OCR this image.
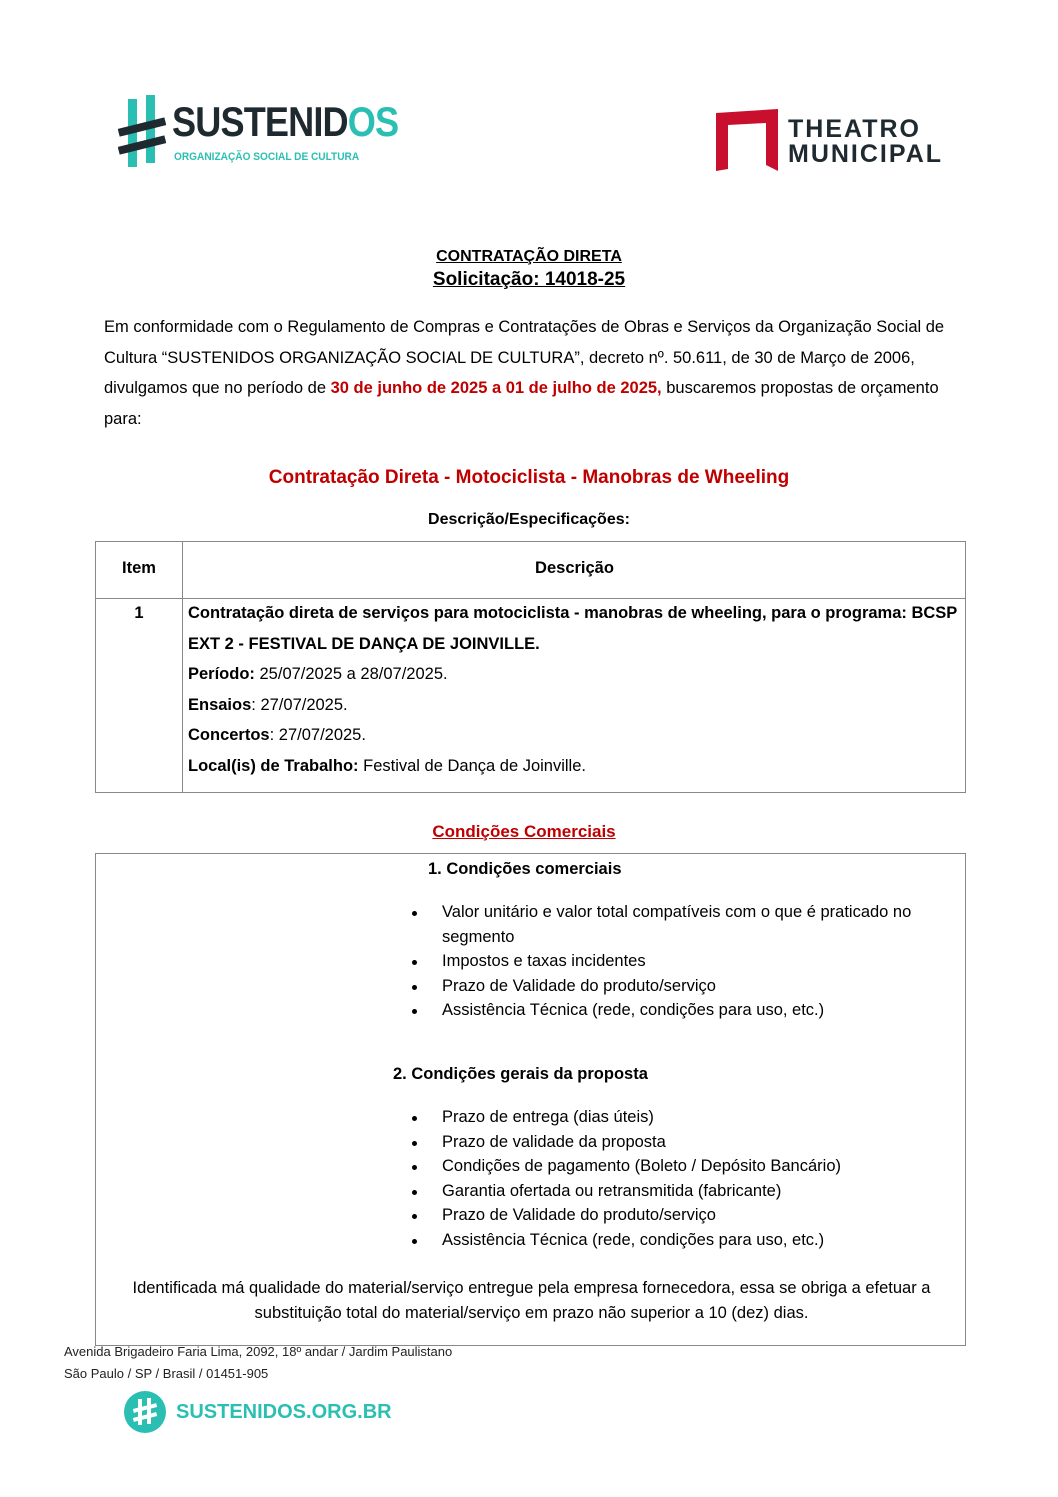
SUSTENIDOS
ORGANIZAÇÃO SOCIAL DE CULTURA
THEATRO
MUNICIPAL
CONTRATAÇÃO DIRETA
Solicitação: 14018-25
Em conformidade com o Regulamento de Compras e Contratações de Obras e Serviços da Organização Social de Cultura “SUSTENIDOS ORGANIZAÇÃO SOCIAL DE CULTURA”, decreto nº. 50.611, de 30 de Março de 2006, divulgamos que no período de 30 de junho de 2025 a 01 de julho de 2025, buscaremos propostas de orçamento para:
Contratação Direta - Motociclista - Manobras de Wheeling
Descrição/Especificações:
Item	Descrição
1	Contratação direta de serviços para motociclista - manobras de wheeling, para o programa: BCSP EXT 2 - FESTIVAL DE DANÇA DE JOINVILLE.

Período: 25/07/2025 a 28/07/2025.

Ensaios: 27/07/2025.

Concertos: 27/07/2025.

Local(is) de Trabalho: Festival de Dança de Joinville.

Condições Comerciais
1. Condições comerciais
Valor unitário e valor total compatíveis com o que é praticado no segmento
Impostos e taxas incidentes
Prazo de Validade do produto/serviço
Assistência Técnica (rede, condições para uso, etc.)
2. Condições gerais da proposta
Prazo de entrega (dias úteis)
Prazo de validade da proposta
Condições de pagamento (Boleto / Depósito Bancário)
Garantia ofertada ou retransmitida (fabricante)
Prazo de Validade do produto/serviço
Assistência Técnica (rede, condições para uso, etc.)
Identificada má qualidade do material/serviço entregue pela empresa fornecedora, essa se obriga a efetuar a substituição total do material/serviço em prazo não superior a 10 (dez) dias.
Avenida Brigadeiro Faria Lima, 2092, 18º andar / Jardim Paulistano
São Paulo / SP / Brasil / 01451-905
SUSTENIDOS.ORG.BR
